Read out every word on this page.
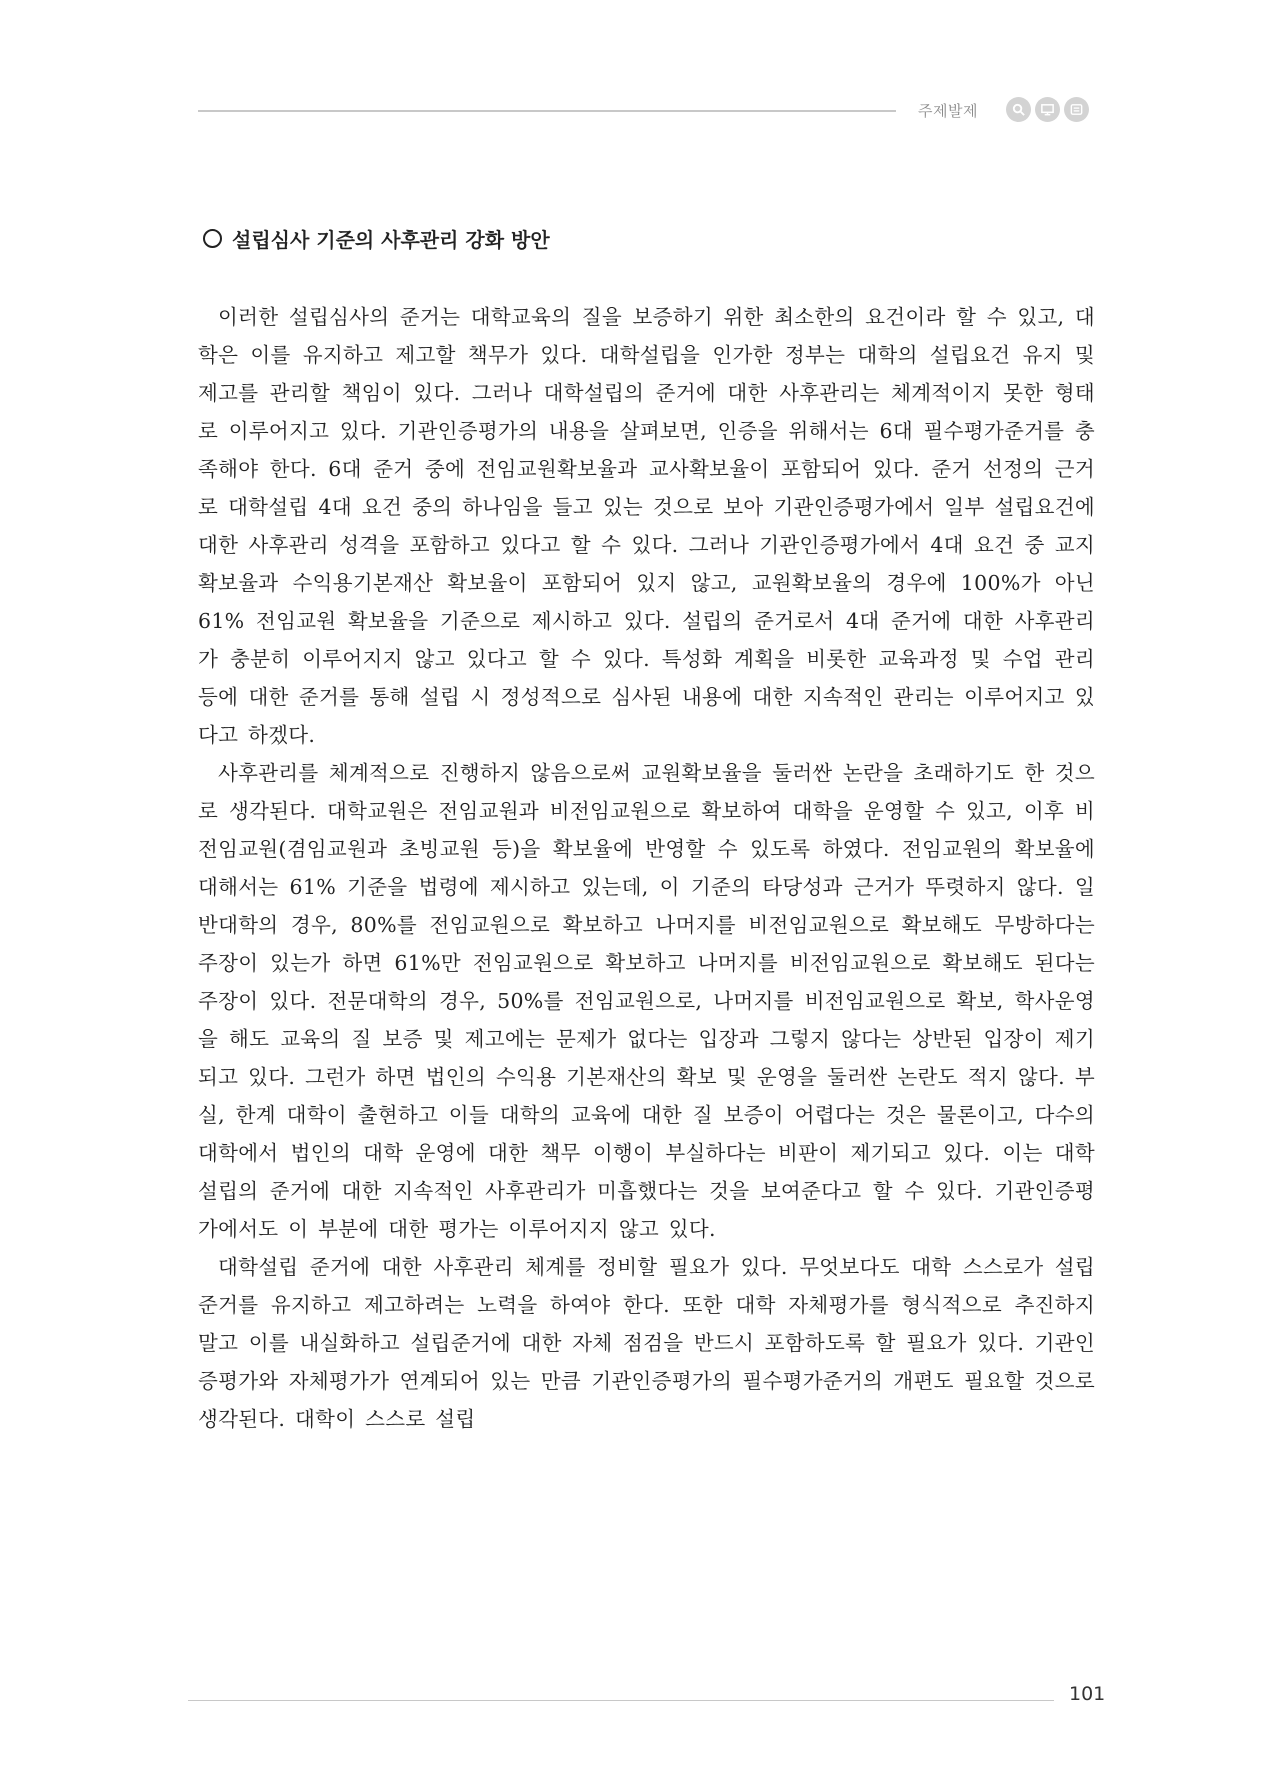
주제발제
설립심사 기준의 사후관리 강화 방안

이러한 설립심사의 준거는 대학교육의 질을 보증하기 위한 최소한의 요건이라 할 수 있고, 대학은 이를 유지하고 제고할 책무가 있다. 대학설립을 인가한 정부는 대학의 설립요건 유지 및 제고를 관리할 책임이 있다. 그러나 대학설립의 준거에 대한 사후관리는 체계적이지 못한 형태로 이루어지고 있다. 기관인증평가의 내용을 살펴보면, 인증을 위해서는 6대 필수평가준거를 충족해야 한다. 6대 준거 중에 전임교원확보율과 교사확보율이 포함되어 있다. 준거 선정의 근거로 대학설립 4대 요건 중의 하나임을 들고 있는 것으로 보아 기관인증평가에서 일부 설립요건에 대한 사후관리 성격을 포함하고 있다고 할 수 있다. 그러나 기관인증평가에서 4대 요건 중 교지확보율과 수익용기본재산 확보율이 포함되어 있지 않고, 교원확보율의 경우에 100%가 아닌 61% 전임교원 확보율을 기준으로 제시하고 있다. 설립의 준거로서 4대 준거에 대한 사후관리가 충분히 이루어지지 않고 있다고 할 수 있다. 특성화 계획을 비롯한 교육과정 및 수업 관리 등에 대한 준거를 통해 설립 시 정성적으로 심사된 내용에 대한 지속적인 관리는 이루어지고 있다고 하겠다.

사후관리를 체계적으로 진행하지 않음으로써 교원확보율을 둘러싼 논란을 초래하기도 한 것으로 생각된다. 대학교원은 전임교원과 비전임교원으로 확보하여 대학을 운영할 수 있고, 이후 비전임교원(겸임교원과 초빙교원 등)을 확보율에 반영할 수 있도록 하였다. 전임교원의 확보율에 대해서는 61% 기준을 법령에 제시하고 있는데, 이 기준의 타당성과 근거가 뚜렷하지 않다. 일반대학의 경우, 80%를 전임교원으로 확보하고 나머지를 비전임교원으로 확보해도 무방하다는 주장이 있는가 하면 61%만 전임교원으로 확보하고 나머지를 비전임교원으로 확보해도 된다는 주장이 있다. 전문대학의 경우, 50%를 전임교원으로, 나머지를 비전임교원으로 확보, 학사운영을 해도 교육의 질 보증 및 제고에는 문제가 없다는 입장과 그렇지 않다는 상반된 입장이 제기되고 있다. 그런가 하면 법인의 수익용 기본재산의 확보 및 운영을 둘러싼 논란도 적지 않다. 부실, 한계 대학이 출현하고 이들 대학의 교육에 대한 질 보증이 어렵다는 것은 물론이고, 다수의 대학에서 법인의 대학 운영에 대한 책무 이행이 부실하다는 비판이 제기되고 있다. 이는 대학 설립의 준거에 대한 지속적인 사후관리가 미흡했다는 것을 보여준다고 할 수 있다. 기관인증평가에서도 이 부분에 대한 평가는 이루어지지 않고 있다.

대학설립 준거에 대한 사후관리 체계를 정비할 필요가 있다. 무엇보다도 대학 스스로가 설립준거를 유지하고 제고하려는 노력을 하여야 한다. 또한 대학 자체평가를 형식적으로 추진하지 말고 이를 내실화하고 설립준거에 대한 자체 점검을 반드시 포함하도록 할 필요가 있다. 기관인증평가와 자체평가가 연계되어 있는 만큼 기관인증평가의 필수평가준거의 개편도 필요할 것으로 생각된다. 대학이 스스로 설립

101
